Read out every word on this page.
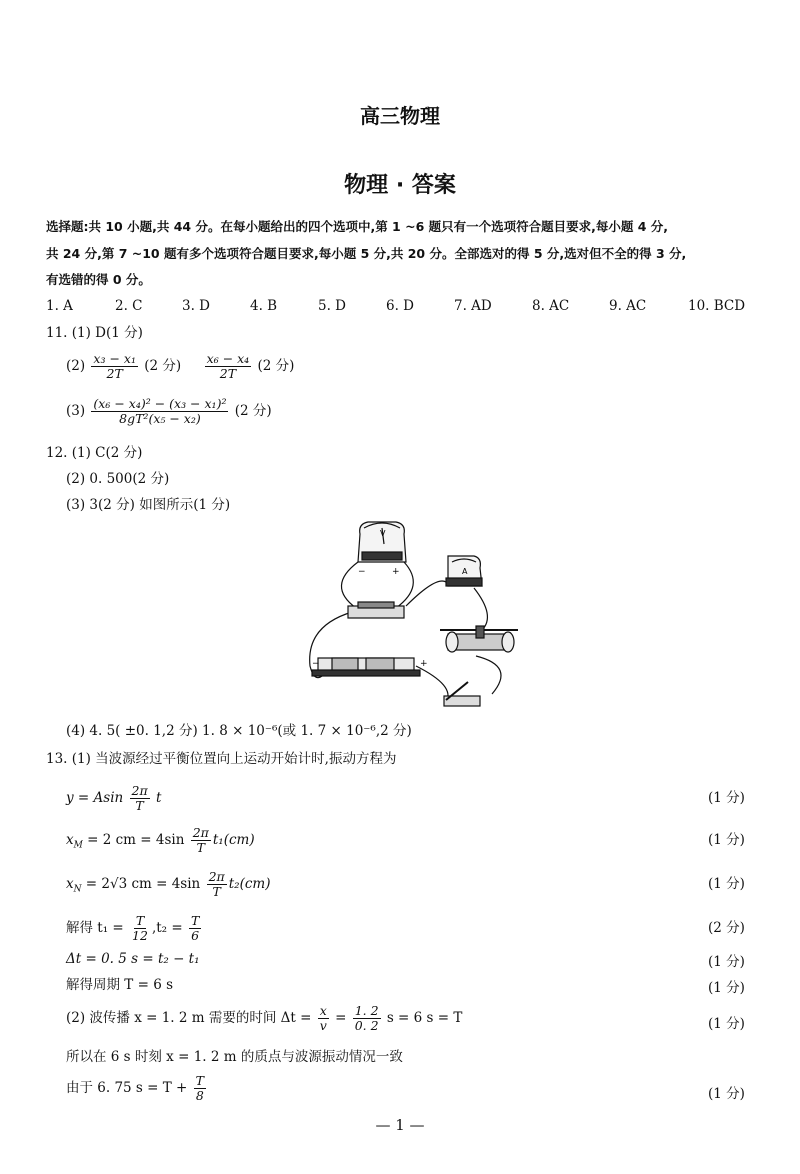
高三物理
物理 · 答案
选择题:共 10 小题,共 44 分。在每小题给出的四个选项中,第 1 ~6 题只有一个选项符合题目要求,每小题 4 分,
共 24 分,第 7 ~10 题有多个选项符合题目要求,每小题 5 分,共 20 分。全部选对的得 5 分,选对但不全的得 3 分,
有选错的得 0 分。
1. A	2. C	3. D	4. B	5. D	6. D	7. AD	8. AC	9. AC	10. BCD
11. (1) D(1 分)
$(2) \frac{\text{x₃ − x₁}}{2T} (2$ 分) $\frac{\text{x₆ − x₄}}{2T} (2$ 分)
$(3) \frac{\text{(x₆ − x₄)² − (x₃ − x₁)²}}{\text{8gT²(x₅ − x₂)}} (2$ 分)
12. (1) C(2 分)
(2) 0. 500(2 分)
(3) 3(2 分) 如图所示(1 分)
V
A
−	+
−	+
(4) 4. 5( ±0. 1,2 分) 1. 8 × 10⁻⁶(或 1. 7 × 10⁻⁶,2 分)
13. (1) 当波源经过平衡位置向上运动开始计时,振动方程为
y = Asin $\frac{2\pi}{T}$ t	(1 分)
$x_M = 2$ cm = $4\sin \frac{2\pi}{T} t_1(cm)$	(1 分)
$x_N = 2√3$ cm = $4\sin \frac{2\pi}{T} t_2(cm)$	(1 分)
解得 $t_1 = \frac{T}{12} ,t_2 = \frac{T}{6}$	(2 分)
Δt = 0. 5 s = t₂ − t₁	(1 分)
解得周期 T = 6 s	(1 分)
(2) 波传播 x = 1. 2 m 需要的时间 $\Delta t = \frac{x}{v} = \frac{1. 2}{0. 2}$ s = 6 s = T	(1 分)
所以在 6 s 时刻 x = 1. 2 m 的质点与波源振动情况一致
由于 6. 75 $s = T + \frac{T}{8}$	(1 分)
— 1 —
